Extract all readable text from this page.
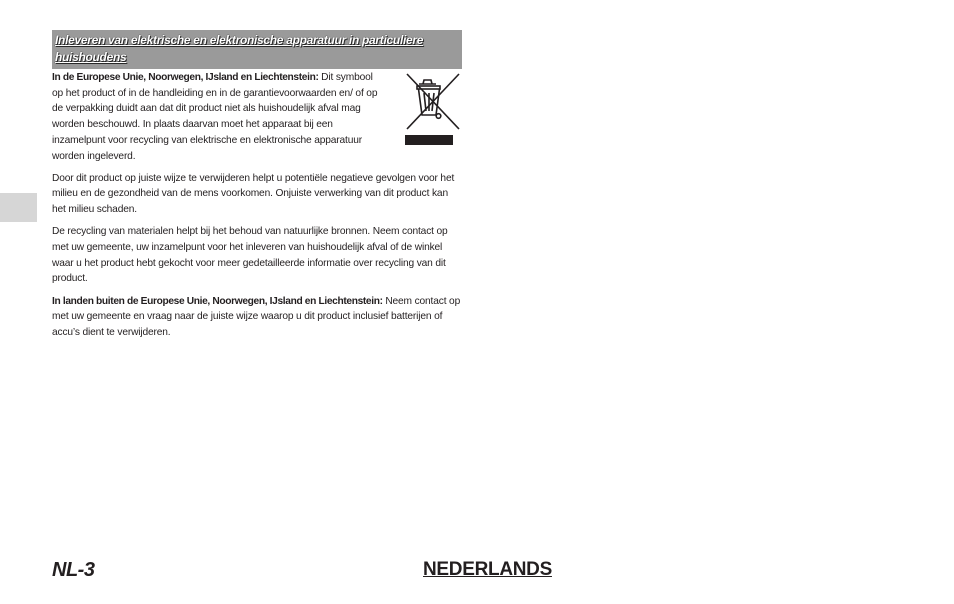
Inleveren van elektrische en elektronische apparatuur in particuliere huishoudens

In de Europese Unie, Noorwegen, IJsland en Liechtenstein: Dit symbool op het product of in de handleiding en in de garantievoorwaarden en/ of op de verpakking duidt aan dat dit product niet als huishoudelijk afval mag worden beschouwd. In plaats daarvan moet het apparaat bij een inzamelpunt voor recycling van elektrische en elektronische apparatuur worden ingeleverd.

Door dit product op juiste wijze te verwijderen helpt u potentiële negatieve gevolgen voor het milieu en de gezondheid van de mens voorkomen. Onjuiste verwerking van dit product kan het milieu schaden.

De recycling van materialen helpt bij het behoud van natuurlijke bronnen. Neem contact op met uw gemeente, uw inzamelpunt voor het inleveren van huishoudelijk afval of de winkel waar u het product hebt gekocht voor meer gedetailleerde informatie over recycling van dit product.

In landen buiten de Europese Unie, Noorwegen, IJsland en Liechtenstein: Neem contact op met uw gemeente en vraag naar de juiste wijze waarop u dit product inclusief batterijen of accu’s dient te verwijderen.

NL-3	NEDERLANDS
